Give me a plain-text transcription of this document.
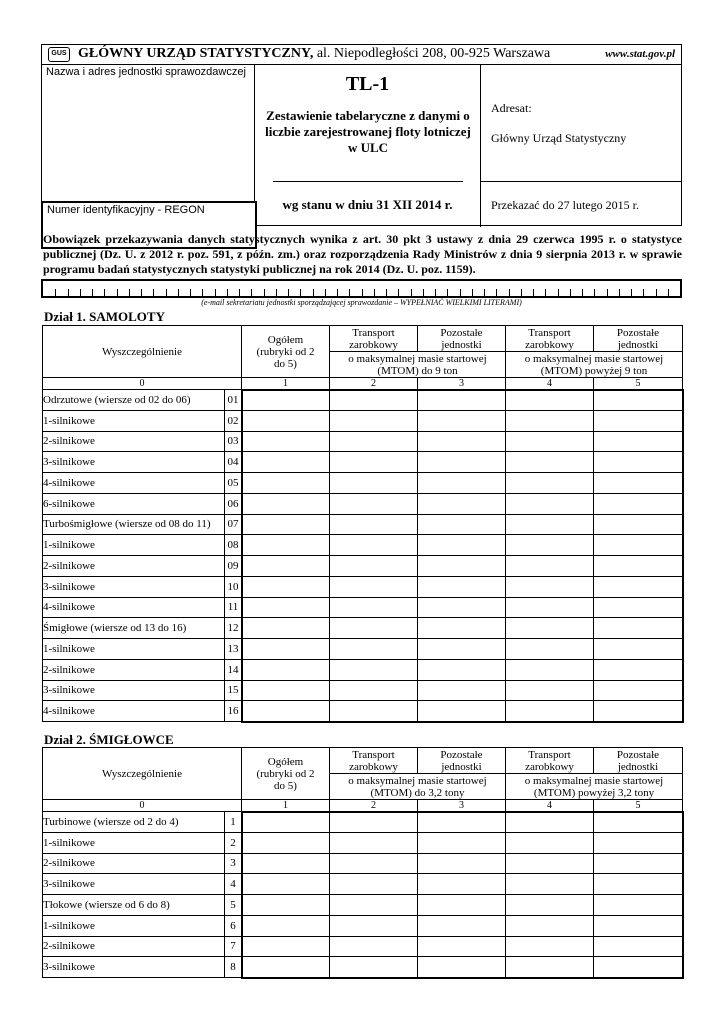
GUS GŁÓWNY URZĄD STATYSTYCZNY, al. Niepodległości 208, 00-925 Warszawa	www.stat.gov.pl
Nazwa i adres jednostki sprawozdawczej
Numer identyfikacyjny - REGON
TL-1
Zestawienie tabelaryczne z danymi o liczbie zarejestrowanej floty lotniczej w ULC
wg stanu w dniu 31 XII 2014 r.
Adresat:
Główny Urząd Statystyczny
Przekazać do 27 lutego 2015 r.
Obowiązek przekazywania danych statystycznych wynika z art. 30 pkt 3 ustawy z dnia 29 czerwca 1995 r. o statystyce publicznej (Dz. U. z 2012 r. poz. 591, z późn. zm.) oraz rozporządzenia Rady Ministrów z dnia 9 sierpnia 2013 r. w sprawie programu badań statystycznych statystyki publicznej na rok 2014 (Dz. U. poz. 1159).
(e-mail sekretariatu jednostki sporządzającej sprawozdanie – WYPEŁNIAĆ WIELKIMI LITERAMI)
Dział 1. SAMOLOTY
Wyszczególnienie		Ogółem (rubryki od 2 do 5)	Transport zarobkowy	Pozostałe jednostki	Transport zarobkowy	Pozostałe jednostki
			o maksymalnej masie startowej (MTOM) do 9 ton		o maksymalnej masie startowej (MTOM) powyżej 9 ton	
0		1	2	3	4	5
Odrzutowe (wiersze od 02 do 06)	01					
1-silnikowe	02					
2-silnikowe	03					
3-silnikowe	04					
4-silnikowe	05					
6-silnikowe	06					
Turbośmigłowe (wiersze od 08 do 11)	07					
1-silnikowe	08					
2-silnikowe	09					
3-silnikowe	10					
4-silnikowe	11					
Śmigłowe (wiersze od 13 do 16)	12					
1-silnikowe	13					
2-silnikowe	14					
3-silnikowe	15					
4-silnikowe	16					
Dział 2. ŚMIGŁOWCE
Wyszczególnienie		Ogółem (rubryki od 2 do 5)	Transport zarobkowy	Pozostałe jednostki	Transport zarobkowy	Pozostałe jednostki
			o maksymalnej masie startowej (MTOM) do 3,2 tony		o maksymalnej masie startowej (MTOM) powyżej 3,2 tony	
0		1	2	3	4	5
Turbinowe (wiersze od 2 do 4)	1					
1-silnikowe	2					
2-silnikowe	3					
3-silnikowe	4					
Tłokowe (wiersze od 6 do 8)	5					
1-silnikowe	6					
2-silnikowe	7					
3-silnikowe	8					
